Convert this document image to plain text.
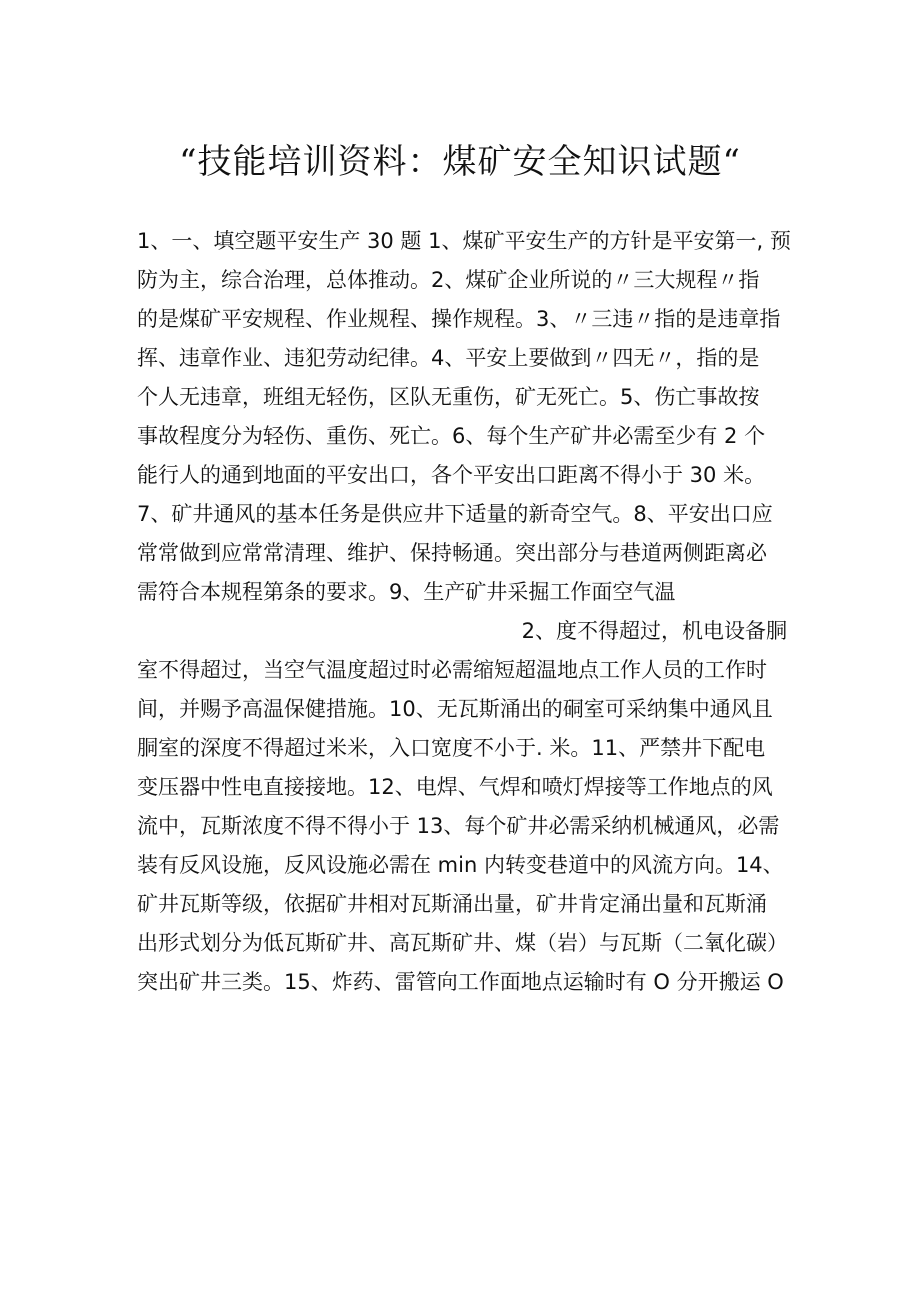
“技能培训资料：煤矿安全知识试题“
1、一、填空题平安生产 30 题 1、煤矿平安生产的方针是平安第一, 预
防为主，综合治理，总体推动。2、煤矿企业所说的〃三大规程〃指
的是煤矿平安规程、作业规程、操作规程。3、〃三违〃指的是违章指
挥、违章作业、违犯劳动纪律。4、平安上要做到〃四无〃，指的是
个人无违章，班组无轻伤，区队无重伤，矿无死亡。5、伤亡事故按
事故程度分为轻伤、重伤、死亡。6、每个生产矿井必需至少有 2 个
能行人的通到地面的平安出口，各个平安出口距离不得小于 30 米。
7、矿井通风的基本任务是供应井下适量的新奇空气。8、平安出口应
常常做到应常常清理、维护、保持畅通。突出部分与巷道两侧距离必
需符合本规程第条的要求。9、生产矿井采掘工作面空气温
2、度不得超过，机电设备胴
室不得超过，当空气温度超过时必需缩短超温地点工作人员的工作时
间，并赐予高温保健措施。10、无瓦斯涌出的硐室可采纳集中通风且
胴室的深度不得超过米米，入口宽度不小于. 米。11、严禁井下配电
变压器中性电直接接地。12、电焊、气焊和喷灯焊接等工作地点的风
流中，瓦斯浓度不得不得小于 13、每个矿井必需采纳机械通风，必需
装有反风设施，反风设施必需在 min 内转变巷道中的风流方向。14、
矿井瓦斯等级，依据矿井相对瓦斯涌出量，矿井肯定涌出量和瓦斯涌
出形式划分为低瓦斯矿井、高瓦斯矿井、煤（岩）与瓦斯（二氧化碳）
突出矿井三类。15、炸药、雷管向工作面地点运输时有 O 分开搬运 O
